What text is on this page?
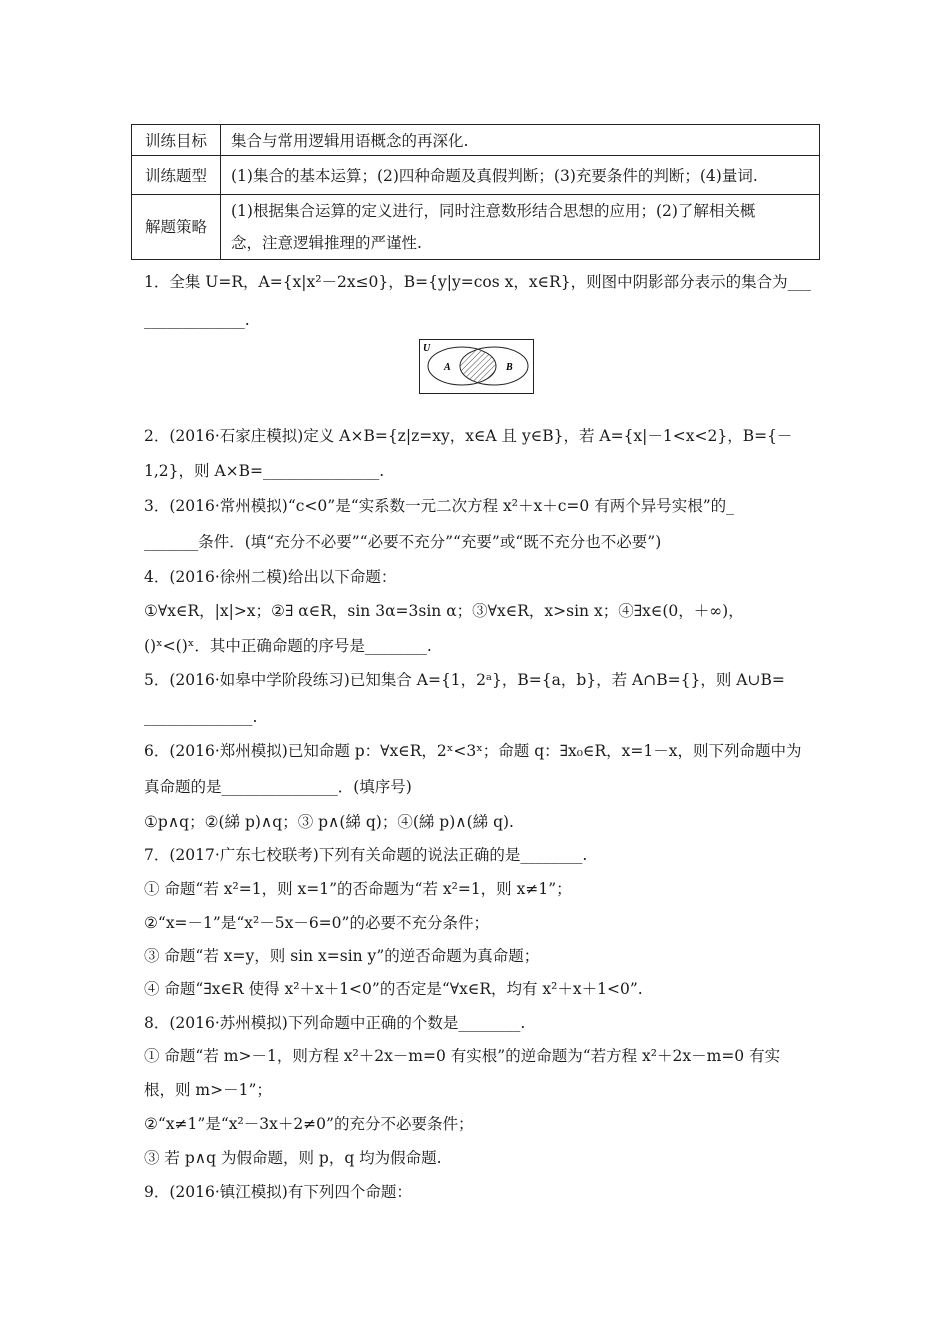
训练目标	集合与常用逻辑用语概念的再深化.
训练题型	(1)集合的基本运算；(2)四种命题及真假判断；(3)充要条件的判断；(4)量词.
解题策略	(1)根据集合运算的定义进行，同时注意数形结合思想的应用；(2)了解相关概
念，注意逻辑推理的严谨性.
1．全集 U=R，A={x|x²－2x≤0}，B={y|y=cos x，x∈R}，则图中阴影部分表示的集合为___
_____________.
U
A	B
2．(2016·石家庄模拟)定义 A×B={z|z=xy，x∈A 且 y∈B}，若 A={x|－1<x<2}，B={－
1,2}，则 A×B=_______________.
3．(2016·常州模拟)“c<0”是“实系数一元二次方程 x²＋x＋c=0 有两个异号实根”的_
_______条件．(填“充分不必要”“必要不充分”“充要”或“既不充分也不必要”)
4．(2016·徐州二模)给出以下命题：
①∀x∈R，|x|>x；②∃ α∈R，sin 3α=3sin α；③∀x∈R，x>sin x；④∃x∈(0，＋∞)，
()ˣ<()ˣ．其中正确命题的序号是________.
5．(2016·如皋中学阶段练习)已知集合 A={1，2ᵃ}，B={a，b}，若 A∩B={}，则 A∪B=
______________.
6．(2016·郑州模拟)已知命题 p：∀x∈R，2ˣ<3ˣ；命题 q：∃x₀∈R，x=1－x，则下列命题中为
真命题的是_______________．(填序号)
①p∧q；②(綈 p)∧q；③ p∧(綈 q)；④(綈 p)∧(綈 q).
7．(2017·广东七校联考)下列有关命题的说法正确的是________.
① 命题“若 x²=1，则 x=1”的否命题为“若 x²=1，则 x≠1”；
②“x=－1”是“x²－5x－6=0”的必要不充分条件；
③ 命题“若 x=y，则 sin x=sin y”的逆否命题为真命题；
④ 命题“∃x∈R 使得 x²＋x＋1<0”的否定是“∀x∈R，均有 x²＋x＋1<0”.
8．(2016·苏州模拟)下列命题中正确的个数是________.
① 命题“若 m>－1，则方程 x²＋2x－m=0 有实根”的逆命题为“若方程 x²＋2x－m=0 有实
根，则 m>－1”；
②“x≠1”是“x²－3x＋2≠0”的充分不必要条件；
③ 若 p∧q 为假命题，则 p，q 均为假命题.
9．(2016·镇江模拟)有下列四个命题：
